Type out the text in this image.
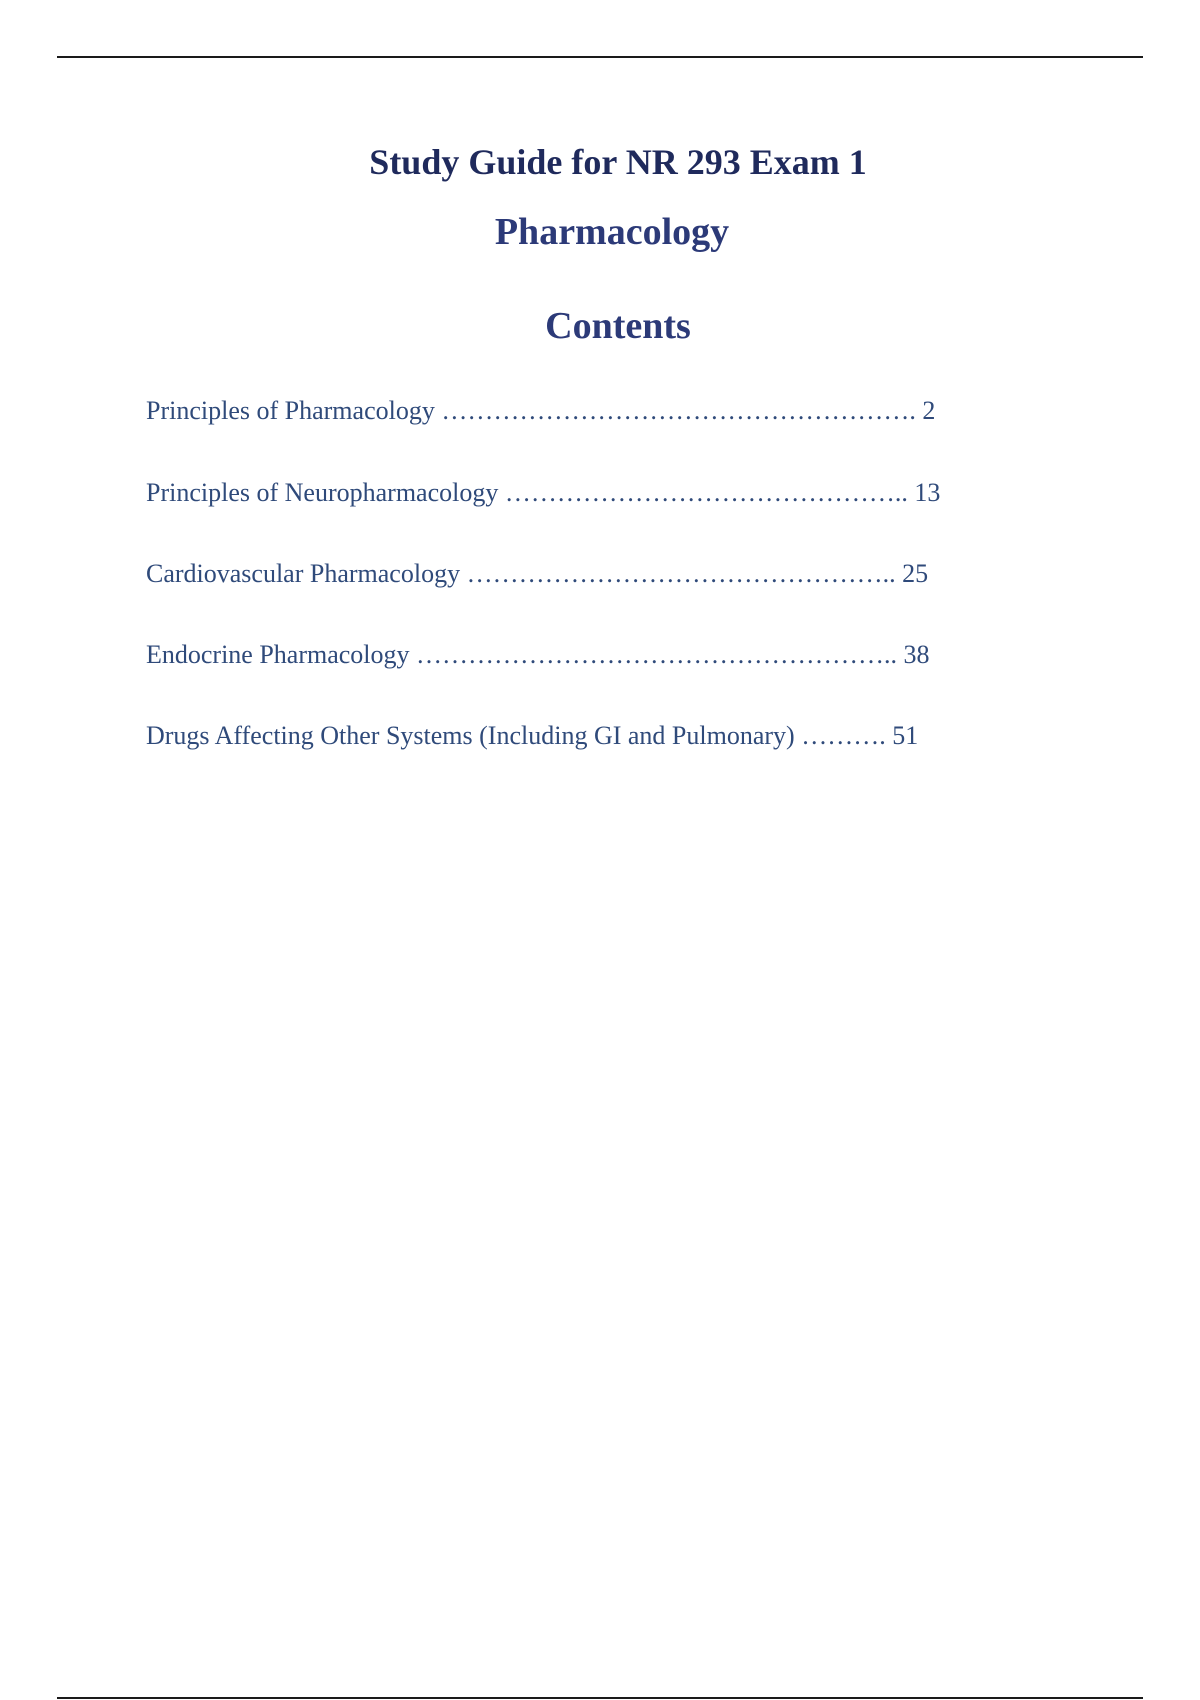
Study Guide for NR 293 Exam 1
Pharmacology
Contents
Principles of Pharmacology ………………………………………………. 2
Principles of Neuropharmacology ……………………………………….. 13
Cardiovascular Pharmacology ………………………………………….. 25
Endocrine Pharmacology ……………………………………………….. 38
Drugs Affecting Other Systems (Including GI and Pulmonary) ………. 51
